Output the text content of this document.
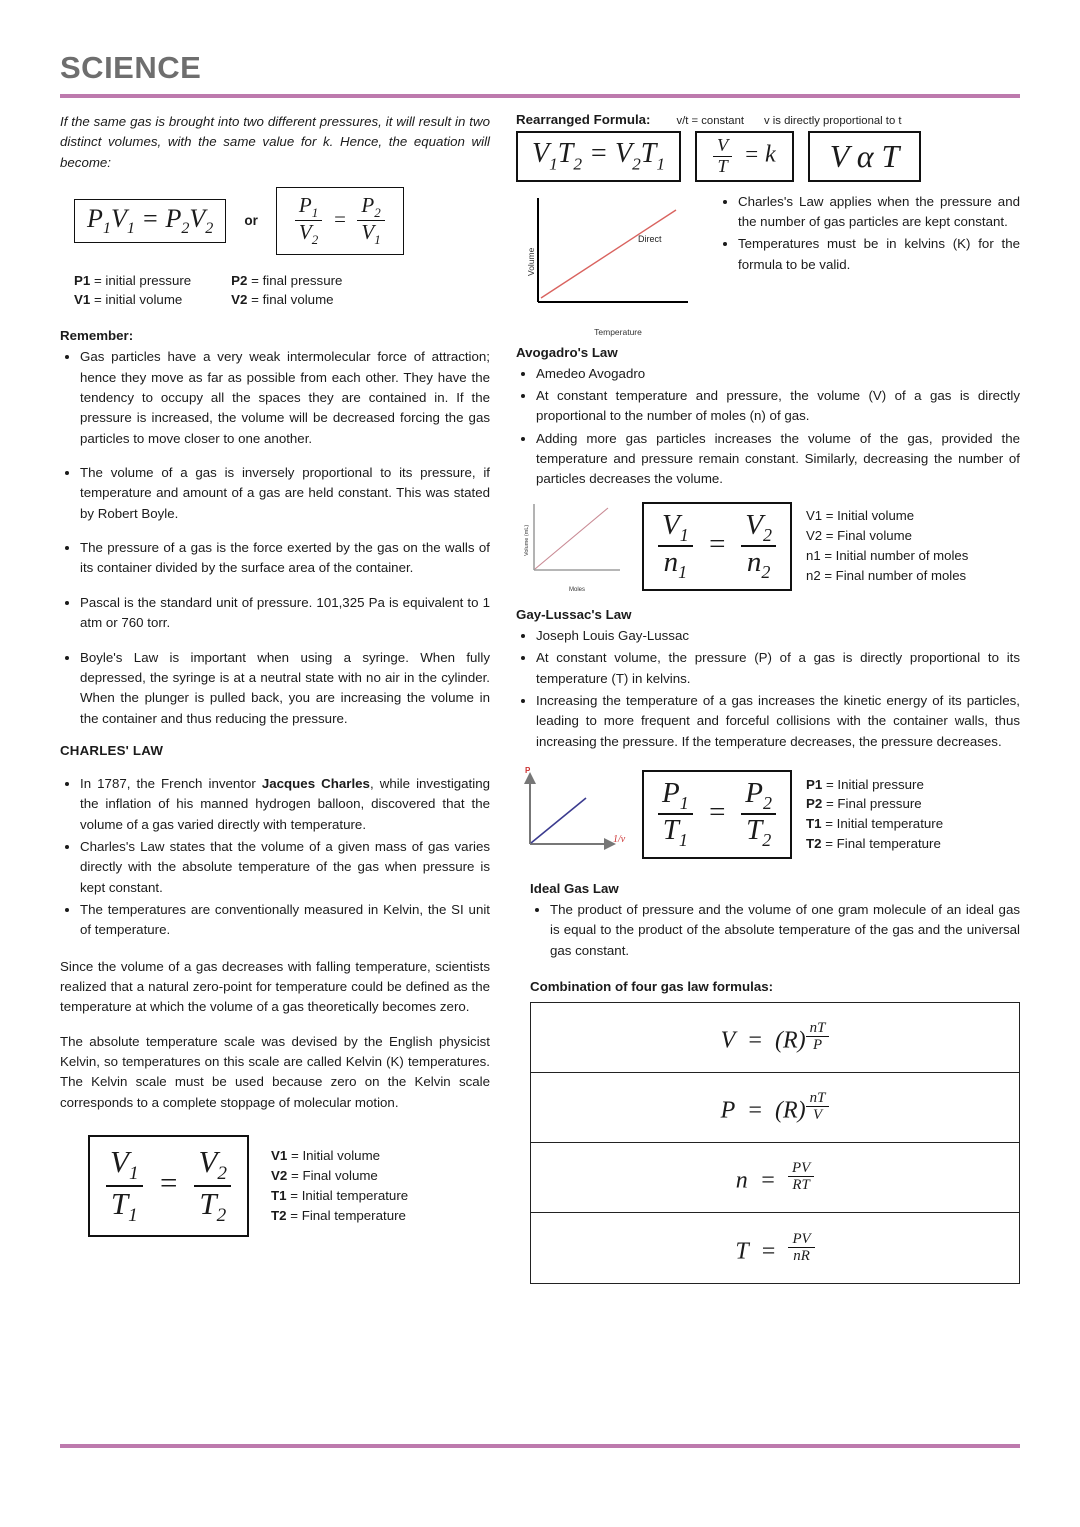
SCIENCE

If the same gas is brought into two different pressures, it will result in two distinct volumes, with the same value for k. Hence, the equation will become:

$P_1V_1 = P_2V_2$	or $\frac{P_1}{V_2} = \frac{P_2}{V_1}$
P1 = initial pressure
V1 = initial volume
P2 = final pressure
V2 = final volume
Remember:
• Gas particles have a very weak intermolecular force of attraction; hence they move as far as possible from each other. They have the tendency to occupy all the spaces they are contained in. If the pressure is increased, the volume will be decreased forcing the gas particles to move closer to one another.
• The volume of a gas is inversely proportional to its pressure, if temperature and amount of a gas are held constant. This was stated by Robert Boyle.
• The pressure of a gas is the force exerted by the gas on the walls of its container divided by the surface area of the container.
• Pascal is the standard unit of pressure. 101,325 Pa is equivalent to 1 atm or 760 torr.
• Boyle's Law is important when using a syringe. When fully depressed, the syringe is at a neutral state with no air in the cylinder. When the plunger is pulled back, you are increasing the volume in the container and thus reducing the pressure.
CHARLES' LAW
• In 1787, the French inventor Jacques Charles, while investigating the inflation of his manned hydrogen balloon, discovered that the volume of a gas varied directly with temperature.
• Charles's Law states that the volume of a given mass of gas varies directly with the absolute temperature of the gas when pressure is kept constant.
• The temperatures are conventionally measured in Kelvin, the SI unit of temperature.

Since the volume of a gas decreases with falling temperature, scientists realized that a natural zero-point for temperature could be defined as the temperature at which the volume of a gas theoretically becomes zero.

The absolute temperature scale was devised by the English physicist Kelvin, so temperatures on this scale are called Kelvin (K) temperatures. The Kelvin scale must be used because zero on the Kelvin scale corresponds to a complete stoppage of molecular motion.

$\frac{V_1}{T_1} = \frac{V_2}{T_2}$	V1 = Initial volume
V2 = Final volume
T1 = Initial temperature
T2 = Final temperature
Rearranged Formula: v/t = constant v is directly proportional to t
$V_1T_2 = V_2T_1$	$\frac{V}{T} = k$ V α T
Direct
Volume
Temperature
• Charles's Law applies when the pressure and the number of gas particles are kept constant.
• Temperatures must be in kelvins (K) for the formula to be valid.
Avogadro's Law
• Amedeo Avogadro
• At constant temperature and pressure, the volume (V) of a gas is directly proportional to the number of moles (n) of gas.
• Adding more gas particles increases the volume of the gas, provided the temperature and pressure remain constant. Similarly, decreasing the number of particles decreases the volume.
Volume (mL)
Moles
$\frac{V_1}{n_1} = \frac{V_2}{n_2} V1$ = Initial volume
V2 = Final volume
n1 = Initial number of moles
n2 = Final number of moles
Gay-Lussac's Law
• Joseph Louis Gay-Lussac
• At constant volume, the pressure (P) of a gas is directly proportional to its temperature (T) in kelvins.
• Increasing the temperature of a gas increases the kinetic energy of its particles, leading to more frequent and forceful collisions with the container walls, thus increasing the pressure. If the temperature decreases, the pressure decreases.
P
$1/v \frac{P_1}{T_1} = \frac{P_2}{T_2} P1$ = Initial pressure
P2 = Final pressure
T1 = Initial temperature
T2 = Final temperature
Ideal Gas Law
• The product of pressure and the volume of one gram molecule of an ideal gas is equal to the product of the absolute temperature of the gas and the universal gas constant.
Combination of four gas law formulas:
$V = (R) \frac{nT}{P}$
$P = (R) \frac{nT}{V}$
$n = \frac{PV}{RT}$
$T = \frac{PV}{nR}$
